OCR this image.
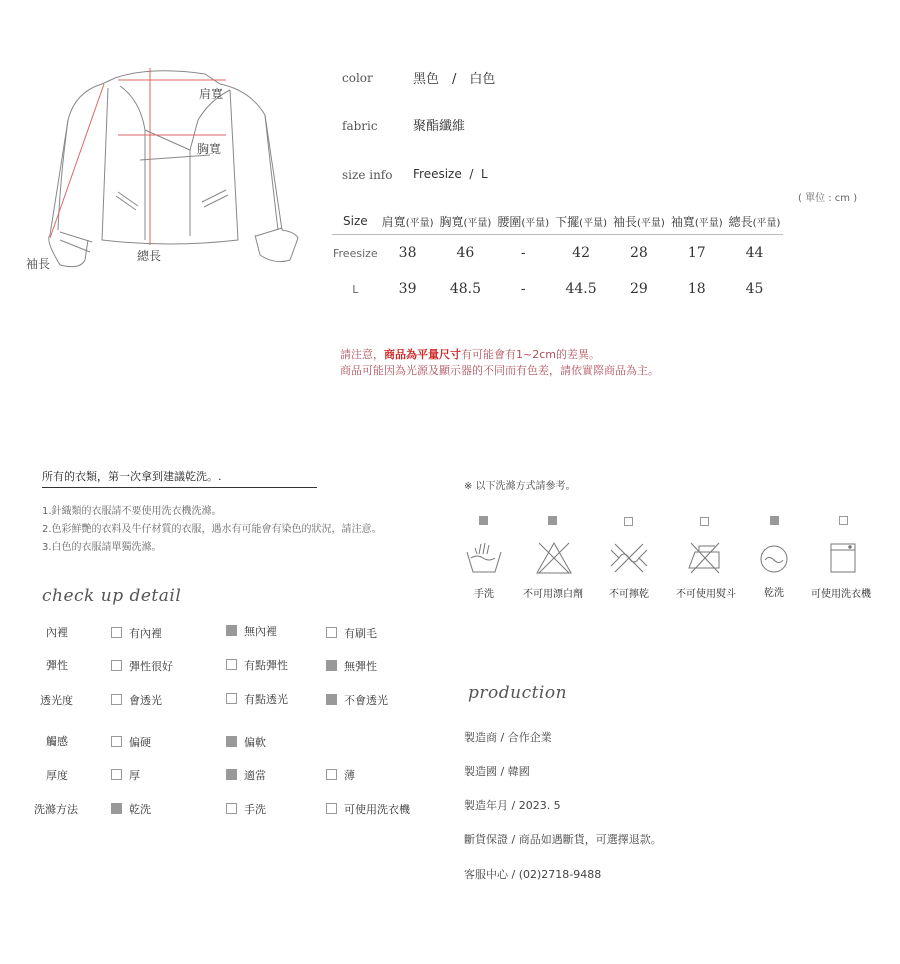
肩寬
胸寬
總長
袖長
color	黑色　/　白色
fabric	聚酯纖維
size info Freesize  /  L
( 單位 : cm )
Size	肩寬(平量)	胸寬(平量)	腰圍(平量)	下擺(平量)	袖長(平量)	袖寬(平量)	總長(平量)
Freesize	38	46	-	42	28	17	44
L	39	48.5	-	44.5	29	18	45
請注意，商品為平量尺寸有可能會有1~2cm的差異。
商品可能因為光源及顯示器的不同而有色差，請依實際商品為主。
所有的衣類，第一次拿到建議乾洗。.
1.針織類的衣服請不要使用洗衣機洗滌。
2.色彩鮮艷的衣料及牛仔材質的衣服，遇水有可能會有染色的狀況，請注意。
3.白色的衣服請單獨洗滌。
※ 以下洗滌方式請參考。
手洗	不可用漂白劑	不可擰乾	不可使用熨斗	乾洗	可使用洗衣機
check up detail
內裡	有內裡	無內裡	有刷毛
彈性	彈性很好	有點彈性	無彈性
透光度	會透光	有點透光	不會透光
觸感	偏硬	偏軟
厚度	厚	適當	薄
洗滌方法	乾洗	手洗	可使用洗衣機
production
製造商 / 合作企業
製造國 / 韓國
製造年月 / 2023. 5
斷貨保證 / 商品如遇斷貨，可選擇退款。
客服中心 / (02)2718-9488
